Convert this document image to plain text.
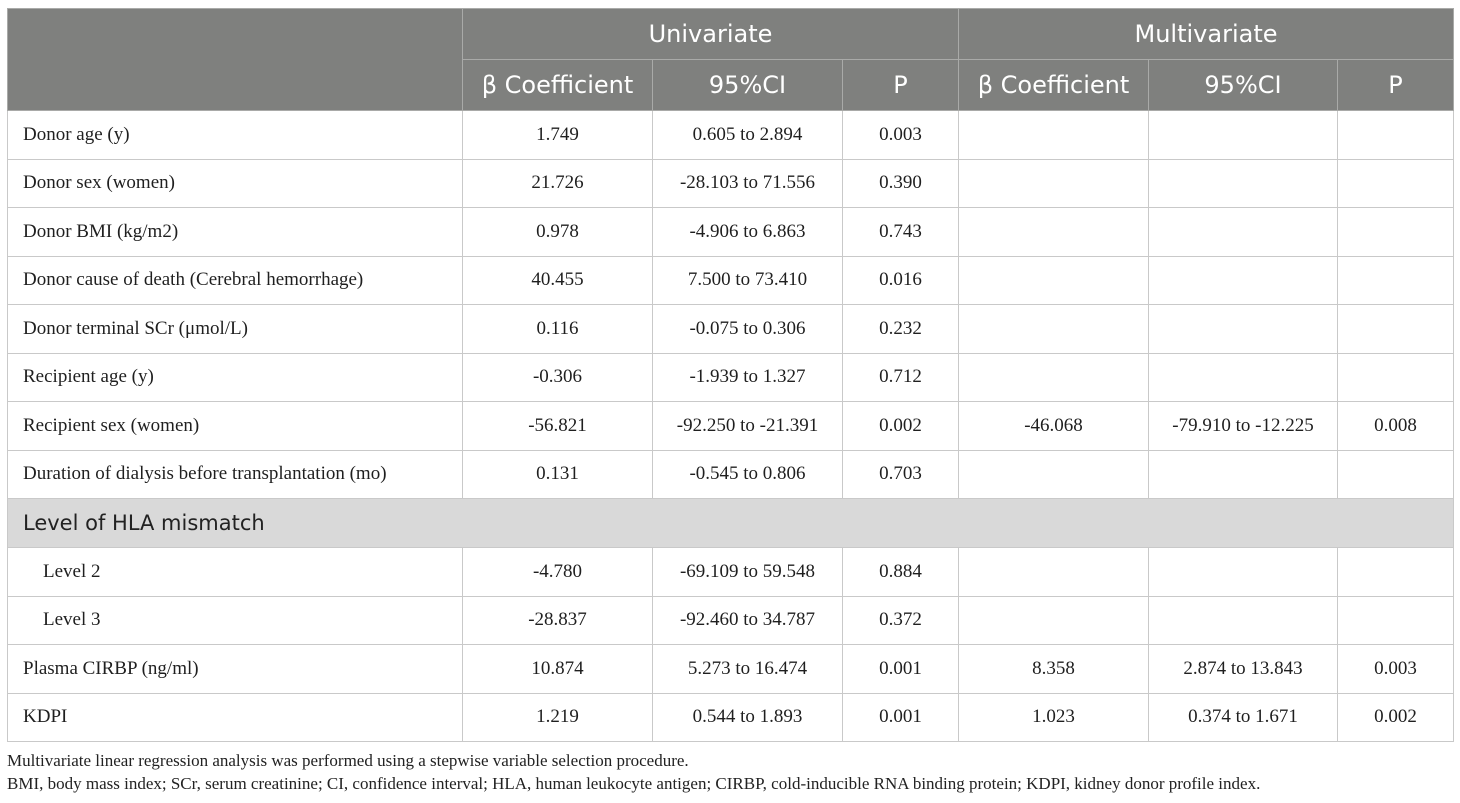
	Univariate			Multivariate		
	β Coefficient	95%CI	P	β Coefficient	95%CI	P
Donor age (y)	1.749	0.605 to 2.894	0.003			
Donor sex (women)	21.726	-28.103 to 71.556	0.390			
Donor BMI (kg/m2)	0.978	-4.906 to 6.863	0.743			
Donor cause of death (Cerebral hemorrhage)	40.455	7.500 to 73.410	0.016			
Donor terminal SCr (μmol/L)	0.116	-0.075 to 0.306	0.232			
Recipient age (y)	-0.306	-1.939 to 1.327	0.712			
Recipient sex (women)	-56.821	-92.250 to -21.391	0.002	-46.068	-79.910 to -12.225	0.008
Duration of dialysis before transplantation (mo)	0.131	-0.545 to 0.806	0.703			
Level of HLA mismatch						
Level 2	-4.780	-69.109 to 59.548	0.884			
Level 3	-28.837	-92.460 to 34.787	0.372			
Plasma CIRBP (ng/ml)	10.874	5.273 to 16.474	0.001	8.358	2.874 to 13.843	0.003
KDPI	1.219	0.544 to 1.893	0.001	1.023	0.374 to 1.671	0.002
Multivariate linear regression analysis was performed using a stepwise variable selection procedure.
BMI, body mass index; SCr, serum creatinine; CI, confidence interval; HLA, human leukocyte antigen; CIRBP, cold-inducible RNA binding protein; KDPI, kidney donor profile index.
